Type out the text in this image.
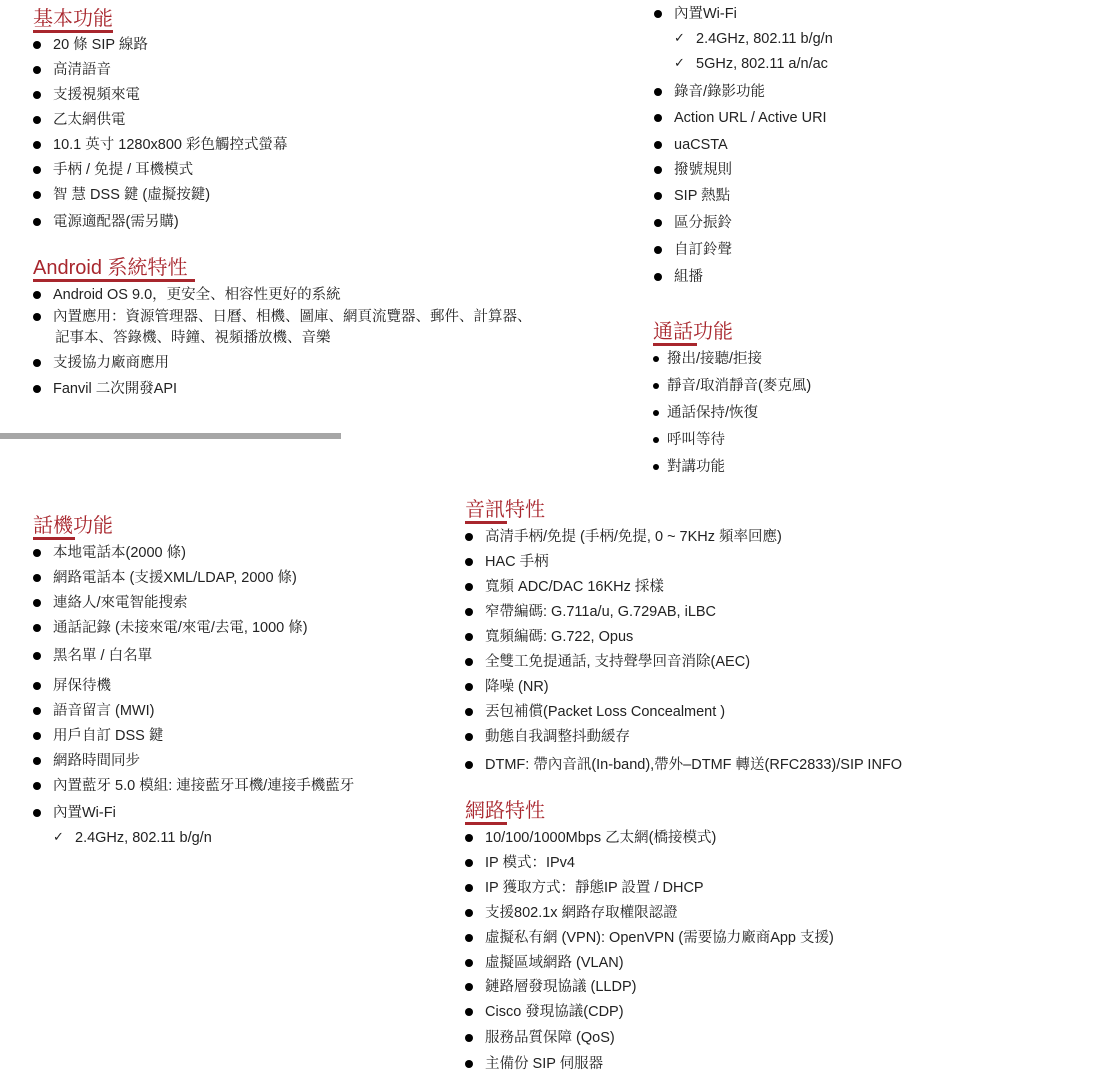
基本功能
20 條 SIP 線路
高清語音
支援視頻來電
乙太網供電
10.1 英寸 1280x800 彩色觸控式螢幕
手柄 / 免提 / 耳機模式
智 慧 DSS 鍵 (虛擬按鍵)
電源適配器(需另購)
Android 系統特性
Android OS 9.0，更安全、相容性更好的系統
內置應用：資源管理器、日曆、相機、圖庫、網頁流覽器、郵件、計算器、
記事本、答錄機、時鐘、視頻播放機、音樂
支援協力廠商應用
Fanvil 二次開發API
內置Wi-Fi
✓ 2.4GHz, 802.11 b/g/n
✓ 5GHz, 802.11 a/n/ac
錄音/錄影功能
Action URL / Active URI
uaCSTA
撥號規則
SIP 熱點
區分振鈴
自訂鈴聲
組播
通話功能
撥出/接聽/拒接
靜音/取消靜音(麥克風)
通話保持/恢復
呼叫等待
對講功能
話機功能
本地電話本(2000 條)
網路電話本 (支援XML/LDAP, 2000 條)
連絡人/來電智能搜索
通話記錄 (未接來電/來電/去電, 1000 條)
黑名單 / 白名單
屏保待機
語音留言 (MWI)
用戶自訂 DSS 鍵
網路時間同步
內置藍牙 5.0 模組: 連接藍牙耳機/連接手機藍牙
內置Wi-Fi
✓ 2.4GHz, 802.11 b/g/n
音訊特性
高清手柄/免提 (手柄/免提, 0 ~ 7KHz 頻率回應)
HAC 手柄
寬頻 ADC/DAC 16KHz 採樣
窄帶編碼: G.711a/u, G.729AB, iLBC
寬頻編碼: G.722, Opus
全雙工免提通話, 支持聲學回音消除(AEC)
降噪 (NR)
丟包補償(Packet Loss Concealment )
動態自我調整抖動緩存
DTMF: 帶內音訊(In-band),帶外–DTMF 轉送(RFC2833)/SIP INFO
網路特性
10/100/1000Mbps 乙太網(橋接模式)
IP 模式：IPv4
IP 獲取方式：靜態IP 設置 / DHCP
支援802.1x 網路存取權限認證
虛擬私有網 (VPN): OpenVPN (需要協力廠商App 支援)
虛擬區域網路 (VLAN)
鏈路層發現協議 (LLDP)
Cisco 發現協議(CDP)
服務品質保障 (QoS)
主備份 SIP 伺服器
